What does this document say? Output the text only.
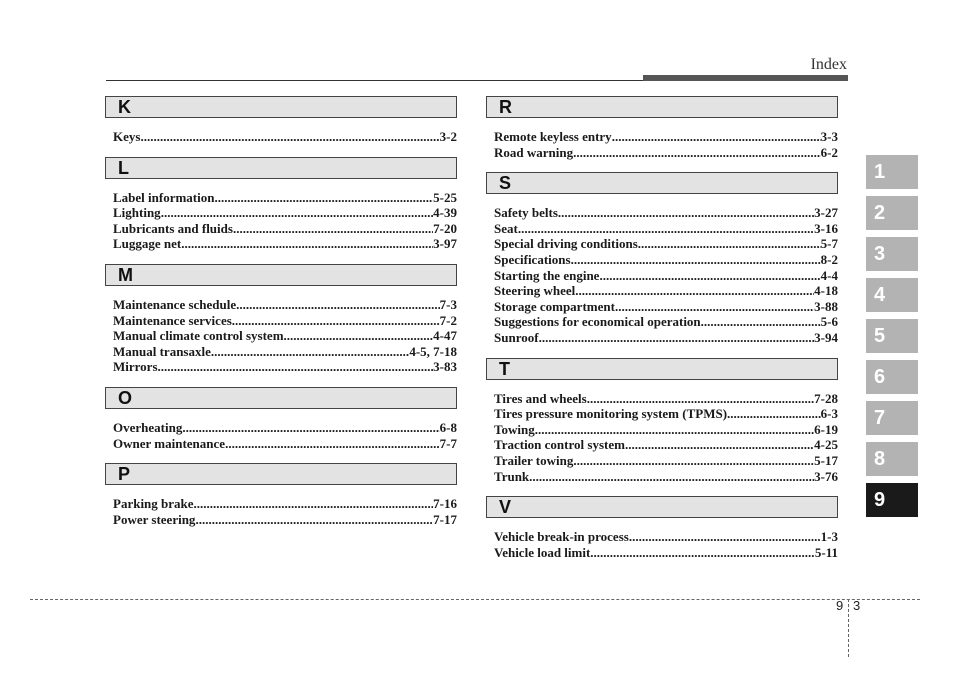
Index
K
Keys .....	3-2
L
Label information .....	5-25
Lighting .....	4-39
Lubricants and fluids .....	7-20
Luggage net .....	3-97
M
Maintenance schedule .....	7-3
Maintenance services .....	7-2
Manual climate control system .....	4-47
Manual transaxle .....	4-5, 7-18
Mirrors .....	3-83
O
Overheating .....	6-8
Owner maintenance .....	7-7
P
Parking brake .....	7-16
Power steering .....	7-17
R
Remote keyless entry .....	3-3
Road warning .....	6-2
S
Safety belts .....	3-27
Seat .....	3-16
Special driving conditions .....	5-7
Specifications .....	8-2
Starting the engine .....	4-4
Steering wheel .....	4-18
Storage compartment .....	3-88
Suggestions for economical operation .....	5-6
Sunroof .....	3-94
T
Tires and wheels .....	7-28
Tires pressure monitoring system (TPMS) .....	6-3
Towing .....	6-19
Traction control system .....	4-25
Trailer towing .....	5-17
Trunk .....	3-76
V
Vehicle break-in process .....	1-3
Vehicle load limit .....	5-11
1
2
3
4
5
6
7
8
9
9 3
